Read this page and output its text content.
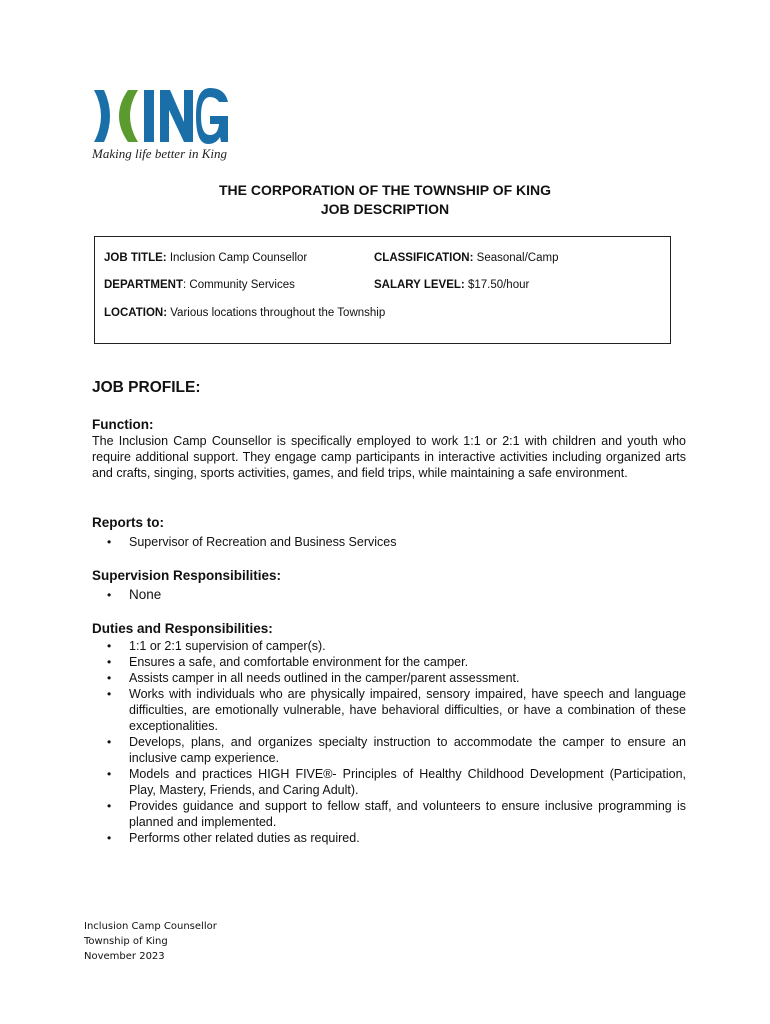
Making life better in King
THE CORPORATION OF THE TOWNSHIP OF KING
JOB DESCRIPTION
JOB TITLE: Inclusion Camp Counsellor	CLASSIFICATION: Seasonal/Camp
DEPARTMENT: Community Services	SALARY LEVEL: $17.50/hour
LOCATION: Various locations throughout the Township
JOB PROFILE:
Function:

The Inclusion Camp Counsellor is specifically employed to work 1:1 or 2:1 with children and youth who require additional support. They engage camp participants in interactive activities including organized arts and crafts, singing, sports activities, games, and field trips, while maintaining a safe environment.

Reports to:
• Supervisor of Recreation and Business Services
Supervision Responsibilities:
• None
Duties and Responsibilities:
• 1:1 or 2:1 supervision of camper(s).
• Ensures a safe, and comfortable environment for the camper.
• Assists camper in all needs outlined in the camper/parent assessment.
• Works with individuals who are physically impaired, sensory impaired, have speech and language difficulties, are emotionally vulnerable, have behavioral difficulties, or have a combination of these exceptionalities.
• Develops, plans, and organizes specialty instruction to accommodate the camper to ensure an inclusive camp experience.
• Models and practices HIGH FIVE®- Principles of Healthy Childhood Development (Participation, Play, Mastery, Friends, and Caring Adult).
• Provides guidance and support to fellow staff, and volunteers to ensure inclusive programming is planned and implemented.
• Performs other related duties as required.
Inclusion Camp Counsellor
Township of King
November 2023
